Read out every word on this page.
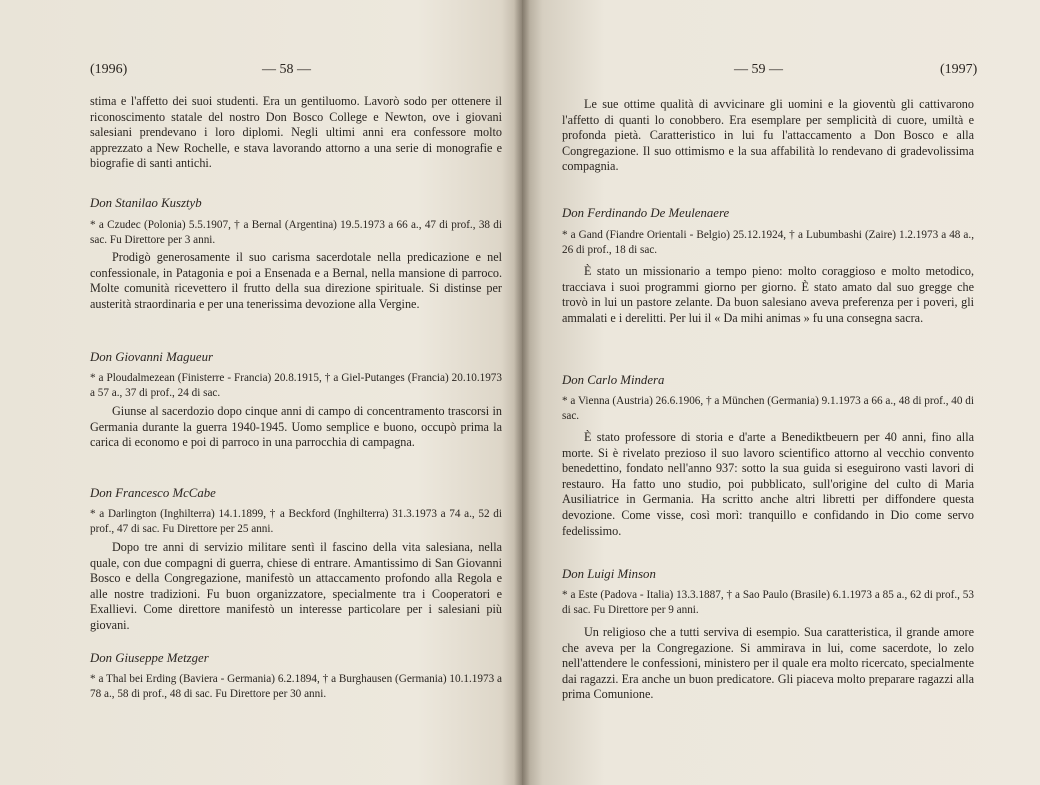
(1996)	— 58 —

stima e l'affetto dei suoi studenti. Era un gentiluomo. Lavorò sodo per ottenere il riconoscimento statale del nostro Don Bosco College e Newton, ove i giovani salesiani prendevano i loro diplomi. Negli ultimi anni era confessore molto apprezzato a New Rochelle, e stava lavorando attorno a una serie di monografie e biografie di santi antichi.

Don Stanilao Kusztyb
* a Czudec (Polonia) 5.5.1907, † a Bernal (Argentina) 19.5.1973 a 66 a., 47 di prof., 38 di sac. Fu Direttore per 3 anni.

Prodigò generosamente il suo carisma sacerdotale nella predicazione e nel confessionale, in Patagonia e poi a Ensenada e a Bernal, nella mansione di parroco. Molte comunità ricevettero il frutto della sua direzione spirituale. Si distinse per austerità straordinaria e per una tenerissima devozione alla Vergine.

Don Giovanni Magueur
* a Ploudalmezean (Finisterre - Francia) 20.8.1915, † a Giel-Putanges (Francia) 20.10.1973 a 57 a., 37 di prof., 24 di sac.

Giunse al sacerdozio dopo cinque anni di campo di concentramento trascorsi in Germania durante la guerra 1940-1945. Uomo semplice e buono, occupò prima la carica di economo e poi di parroco in una parrocchia di campagna.

Don Francesco McCabe
* a Darlington (Inghilterra) 14.1.1899, † a Beckford (Inghilterra) 31.3.1973 a 74 a., 52 di prof., 47 di sac. Fu Direttore per 25 anni.

Dopo tre anni di servizio militare sentì il fascino della vita salesiana, nella quale, con due compagni di guerra, chiese di entrare. Amantissimo di San Giovanni Bosco e della Congregazione, manifestò un attaccamento profondo alla Regola e alle nostre tradizioni. Fu buon organizzatore, specialmente tra i Cooperatori e Exallievi. Come direttore manifestò un interesse particolare per i salesiani più giovani.

Don Giuseppe Metzger
* a Thal bei Erding (Baviera - Germania) 6.2.1894, † a Burghausen (Germania) 10.1.1973 a 78 a., 58 di prof., 48 di sac. Fu Direttore per 30 anni.
— 59 —	(1997)

Le sue ottime qualità di avvicinare gli uomini e la gioventù gli cattivarono l'affetto di quanti lo conobbero. Era esemplare per semplicità di cuore, umiltà e profonda pietà. Caratteristico in lui fu l'attaccamento a Don Bosco e alla Congregazione. Il suo ottimismo e la sua affabilità lo rendevano di gradevolissima compagnia.

Don Ferdinando De Meulenaere
* a Gand (Fiandre Orientali - Belgio) 25.12.1924, † a Lubumbashi (Zaire) 1.2.1973 a 48 a., 26 di prof., 18 di sac.

È stato un missionario a tempo pieno: molto coraggioso e molto metodico, tracciava i suoi programmi giorno per giorno. È stato amato dal suo gregge che trovò in lui un pastore zelante. Da buon salesiano aveva preferenza per i poveri, gli ammalati e i derelitti. Per lui il « Da mihi animas » fu una consegna sacra.

Don Carlo Mindera
* a Vienna (Austria) 26.6.1906, † a München (Germania) 9.1.1973 a 66 a., 48 di prof., 40 di sac.

È stato professore di storia e d'arte a Benediktbeuern per 40 anni, fino alla morte. Si è rivelato prezioso il suo lavoro scientifico attorno al vecchio convento benedettino, fondato nell'anno 937: sotto la sua guida si eseguirono vasti lavori di restauro. Ha fatto uno studio, poi pubblicato, sull'origine del culto di Maria Ausiliatrice in Germania. Ha scritto anche altri libretti per diffondere questa devozione. Come visse, così morì: tranquillo e confidando in Dio come servo fedelissimo.

Don Luigi Minson
* a Este (Padova - Italia) 13.3.1887, † a Sao Paulo (Brasile) 6.1.1973 a 85 a., 62 di prof., 53 di sac. Fu Direttore per 9 anni.

Un religioso che a tutti serviva di esempio. Sua caratteristica, il grande amore che aveva per la Congregazione. Si ammirava in lui, come sacerdote, lo zelo nell'attendere le confessioni, ministero per il quale era molto ricercato, specialmente dai ragazzi. Era anche un buon predicatore. Gli piaceva molto preparare ragazzi alla prima Comunione.
